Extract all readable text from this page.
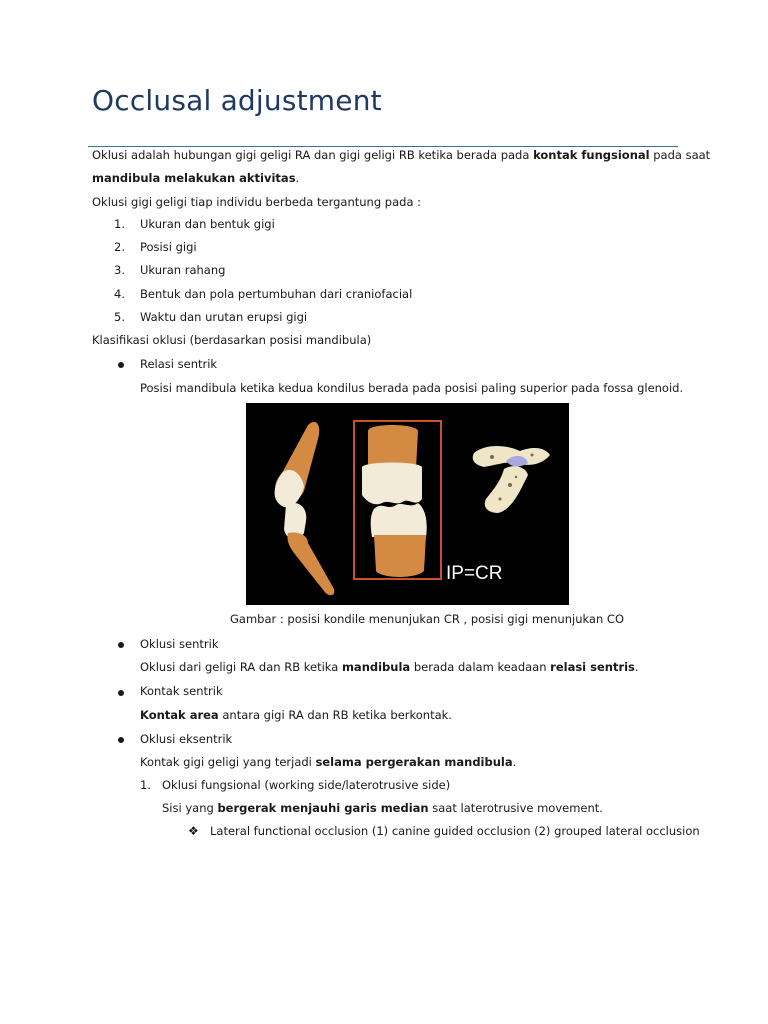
Occlusal adjustment
Oklusi adalah hubungan gigi geligi RA dan gigi geligi RB ketika berada pada kontak fungsional pada saat
mandibula melakukan aktivitas.
Oklusi gigi geligi tiap individu berbeda tergantung pada :
1. Ukuran dan bentuk gigi
2. Posisi gigi
3. Ukuran rahang
4. Bentuk dan pola pertumbuhan dari craniofacial
5. Waktu dan urutan erupsi gigi
Klasifikasi oklusi (berdasarkan posisi mandibula)
Relasi sentrik
Posisi mandibula ketika kedua kondilus berada pada posisi paling superior pada fossa glenoid.
IP=CR
Gambar : posisi kondile menunjukan CR , posisi gigi menunjukan CO
Oklusi sentrik
Oklusi dari geligi RA dan RB ketika mandibula berada dalam keadaan relasi sentris.
Kontak sentrik
Kontak area antara gigi RA dan RB ketika berkontak.
Oklusi eksentrik
Kontak gigi geligi yang terjadi selama pergerakan mandibula.
1. Oklusi fungsional (working side/laterotrusive side)
Sisi yang bergerak menjauhi garis median saat laterotrusive movement.
❖ Lateral functional occlusion (1) canine guided occlusion (2) grouped lateral occlusion
